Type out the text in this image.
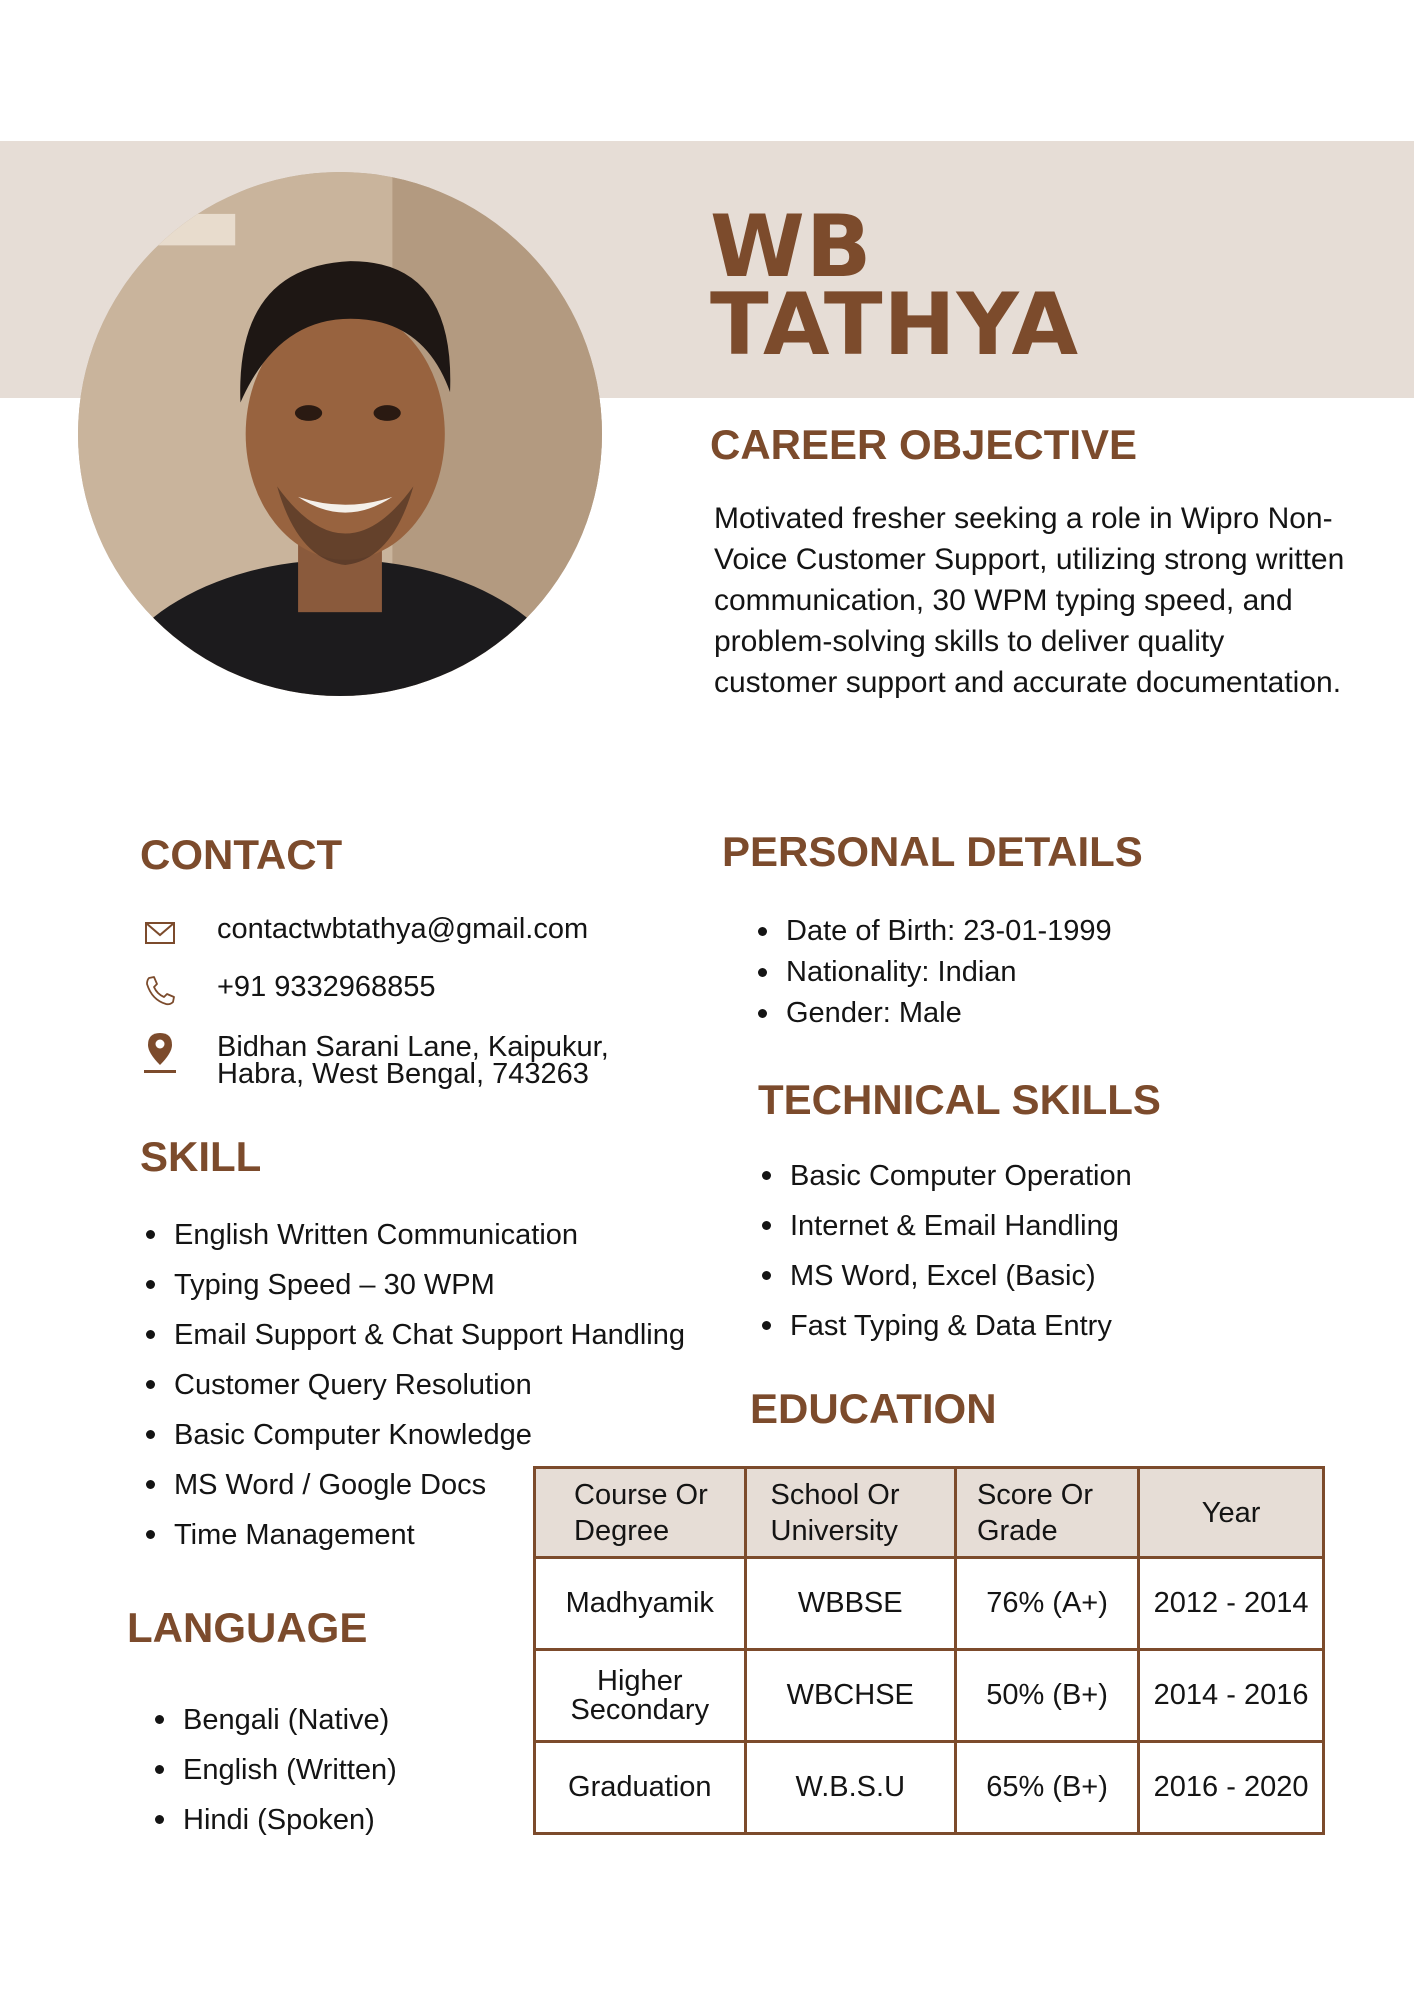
WB
TATHYA
CAREER OBJECTIVE

Motivated fresher seeking a role in Wipro Non-Voice Customer Support, utilizing strong written communication, 30 WPM typing speed, and problem-solving skills to deliver quality customer support and accurate documentation.

CONTACT
contactwbtathya@gmail.com
+91 9332968855
Bidhan Sarani Lane, Kaipukur,
Habra, West Bengal, 743263
SKILL
English Written Communication
Typing Speed – 30 WPM
Email Support & Chat Support Handling
Customer Query Resolution
Basic Computer Knowledge
MS Word / Google Docs
Time Management
LANGUAGE
Bengali (Native)
English (Written)
Hindi (Spoken)
PERSONAL DETAILS
Date of Birth: 23-01-1999
Nationality: Indian
Gender: Male
TECHNICAL SKILLS
Basic Computer Operation
Internet & Email Handling
MS Word, Excel (Basic)
Fast Typing & Data Entry
EDUCATION
Course Or
Degree	School Or
University	Score Or
Grade	Year
Madhyamik	WBBSE	76% (A+)	2012 - 2014
Higher
Secondary	WBCHSE	50% (B+)	2014 - 2016
Graduation	W.B.S.U	65% (B+)	2016 - 2020
